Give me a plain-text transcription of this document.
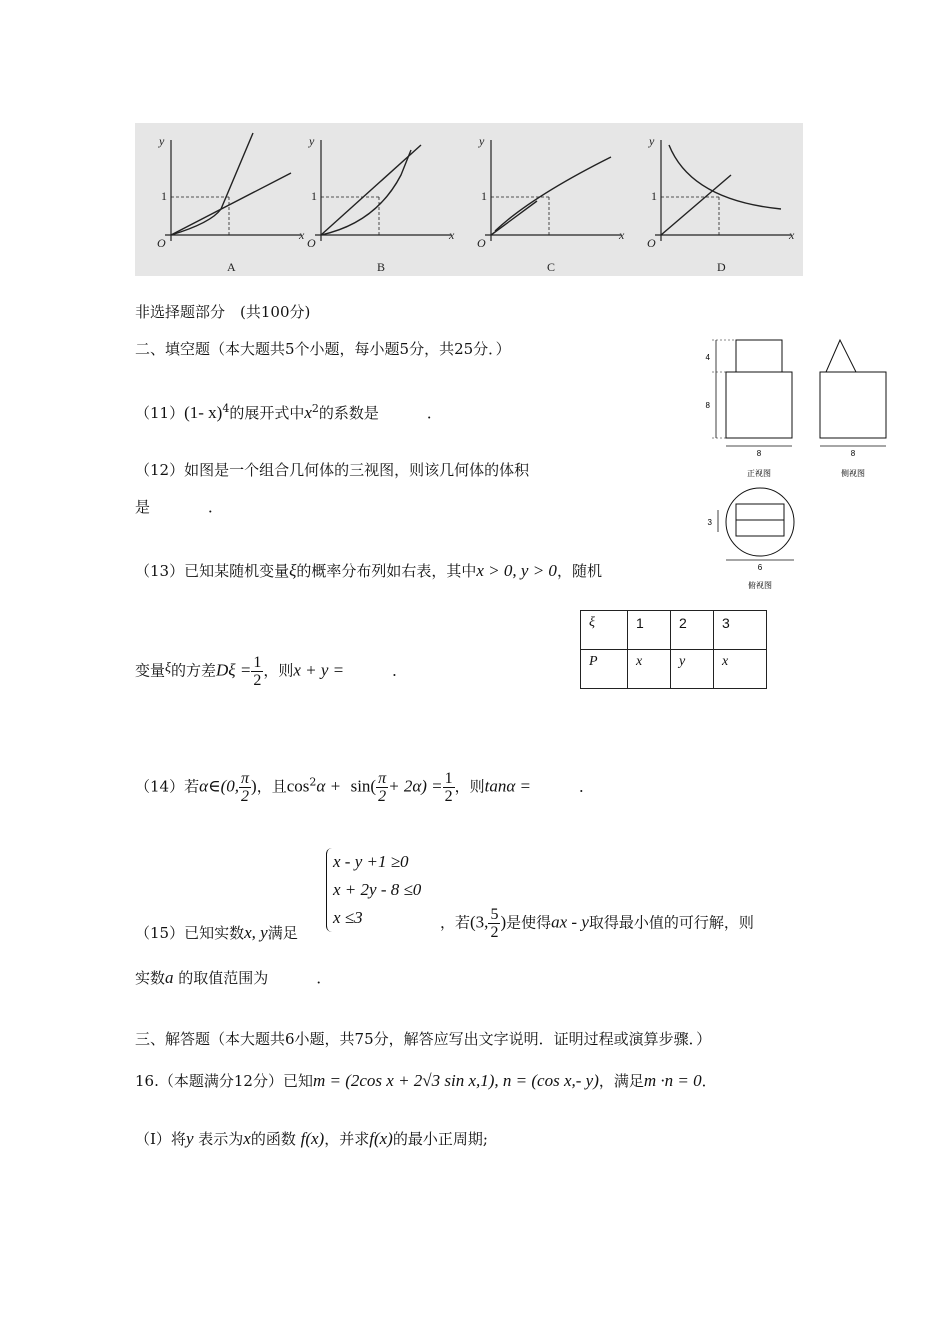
y
x
O
1
A
y
x
O
1
B
y
x
O
1
C
y
x
O
1
D
非选择题部分　(共100分)
二、填空题（本大题共5个小题，每小题5分，共25分．）
（11）(1- x)$^4$的展开式中$x^2$的系数是	．
（12）如图是一个组合几何体的三视图，则该几何体的体积
是	．
（13）已知某随机变量ξ的概率分布列如右表，其中x > 0, y > 0，随机
ξ	1	2	3
P	x	y	x
变量ξ的方差$D\xi = \frac{1}{2}$ ，则x + y =	．
（14）若α∈(0, $\frac{\pi}{2}$ )，且$\cos^2\alpha + \sin( \frac{\pi}{2} + 2\alpha) = \frac{1}{2}$ ，则tanα =	．
x - y +1 ≥0
x + 2y - 8 ≤0
x ≤3
（15）已知实数x, y满足
，若(3, $\frac{5}{2}$ )是使得ax - y取得最小值的可行解，则
实数a 的取值范围为	．
三、解答题（本大题共6小题，共75分，解答应写出文字说明．证明过程或演算步骤．）
16.（本题满分12分）已知m = (2cos x + 2√3 sin x,1), n = (cos x,- y)，满足m ·n = 0．
（I）将y 表示为x的函数 f(x)，并求f(x)的最小正周期;
4
8
8
正视图
8
侧视图
3
6
俯视图
